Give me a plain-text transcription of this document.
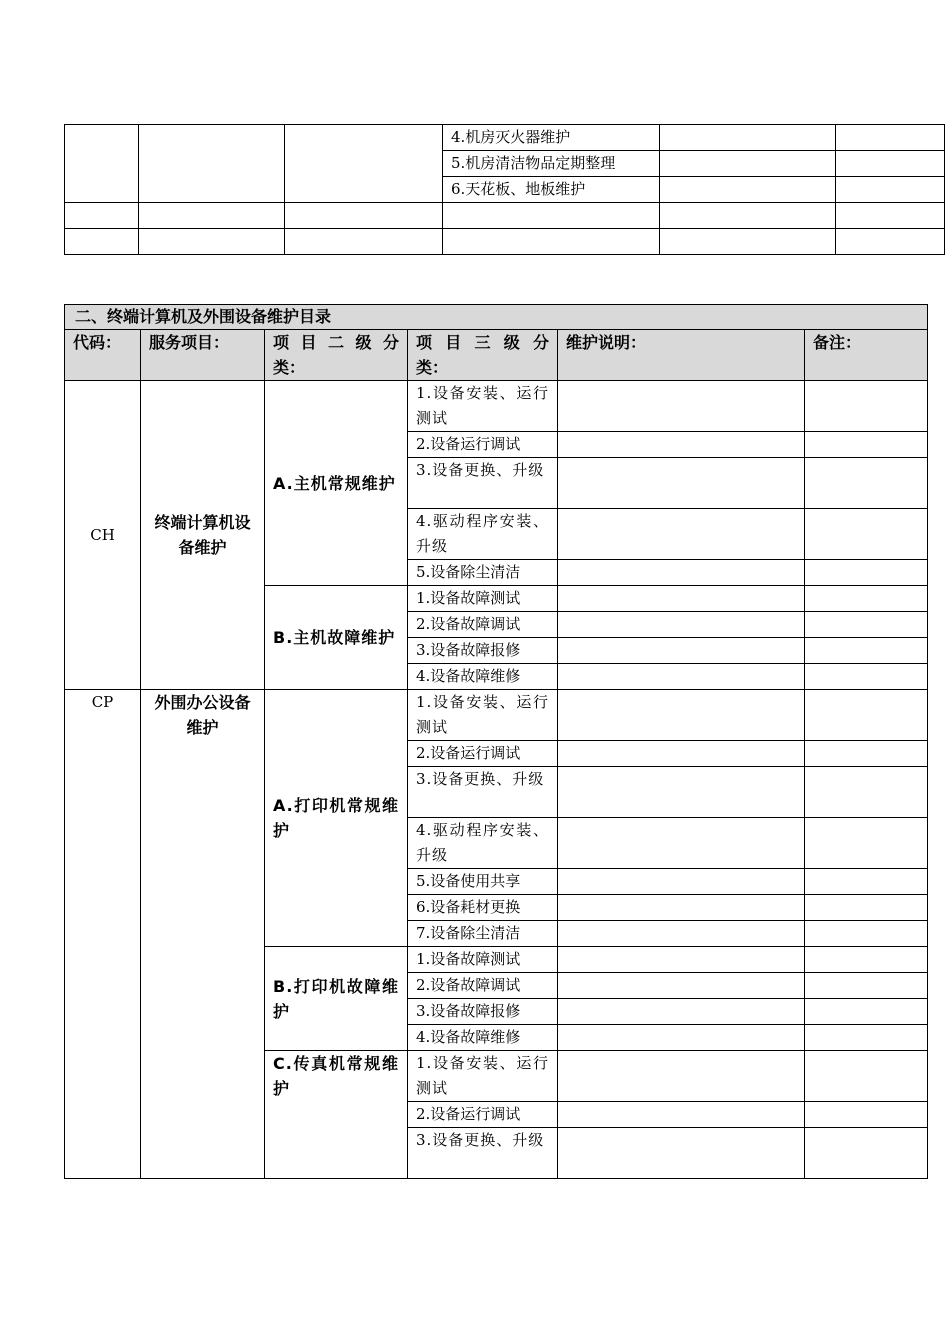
			4.机房灭火器维护		
			5.机房清洁物品定期整理		
			6.天花板、地板维护		

二、终端计算机及外围设备维护目录					
代码：	服务项目：	项 目 二 级 分类：	项 目 三 级 分类：	维护说明：	备注：
CH	终端计算机设备维护	A.主机常规维护	1.设备安装、运行测试		
			2.设备运行调试		
			3.设备更换、升级		
			4.驱动程序安装、升级		
			5.设备除尘清洁		
		B.主机故障维护	1.设备故障测试		
			2.设备故障调试		
			3.设备故障报修		
			4.设备故障维修		
CP	外围办公设备维护	A.打印机常规维护	1.设备安装、运行测试		
			2.设备运行调试		
			3.设备更换、升级		
			4.驱动程序安装、升级		
			5.设备使用共享		
			6.设备耗材更换		
			7.设备除尘清洁		
		B.打印机故障维护	1.设备故障测试		
			2.设备故障调试		
			3.设备故障报修		
			4.设备故障维修		
		C.传真机常规维护	1.设备安装、运行测试		
			2.设备运行调试		
			3.设备更换、升级		
